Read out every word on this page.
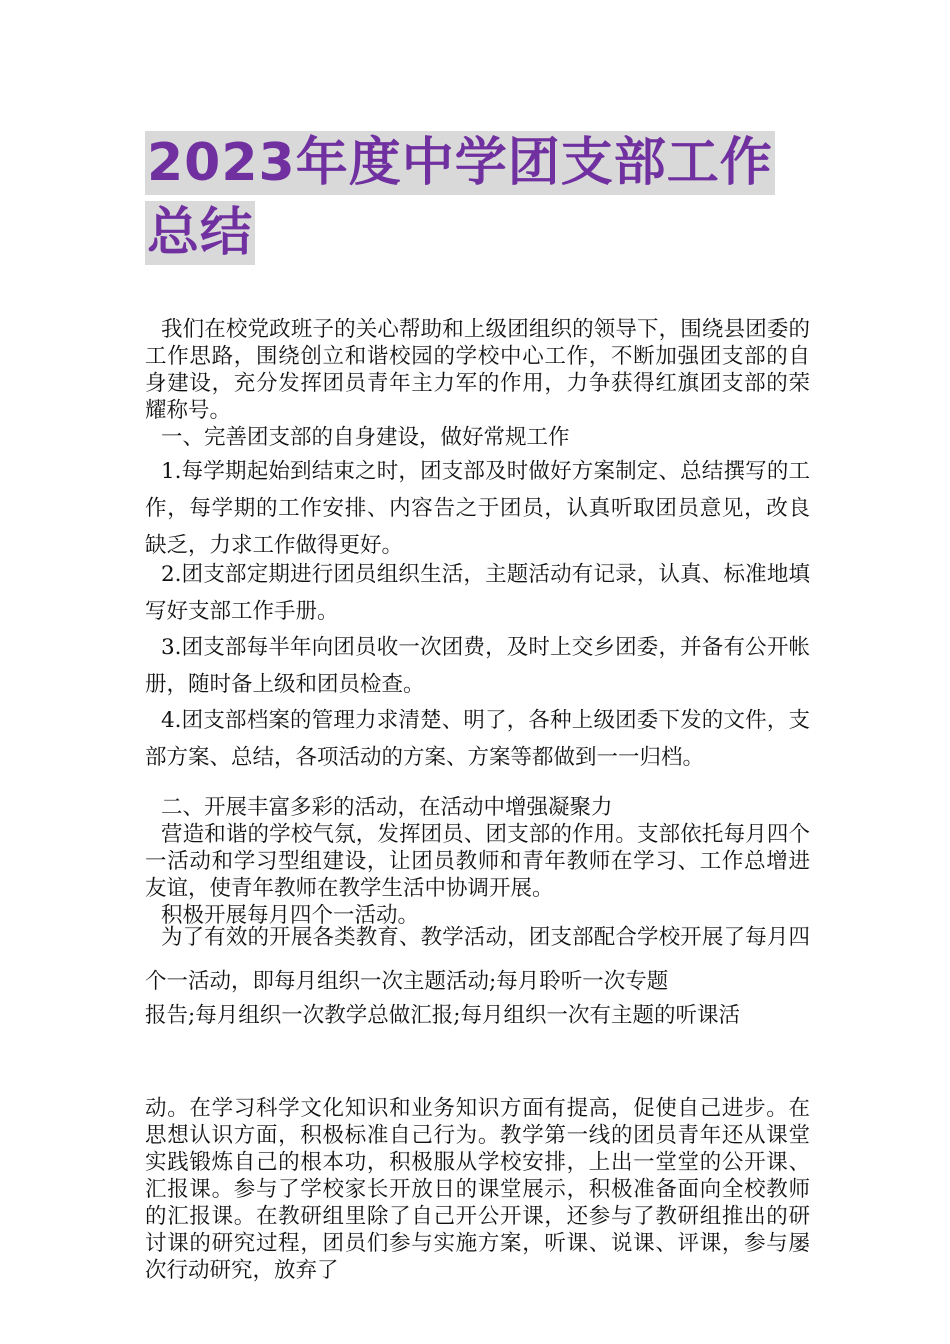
2023年度中学团支部工作
总结

我们在校党政班子的关心帮助和上级团组织的领导下，围绕县团委的工作思路，围绕创立和谐校园的学校中心工作，不断加强团支部的自身建设，充分发挥团员青年主力军的作用，力争获得红旗团支部的荣耀称号。

一、完善团支部的自身建设，做好常规工作

1.每学期起始到结束之时，团支部及时做好方案制定、总结撰写的工作，每学期的工作安排、内容告之于团员，认真听取团员意见，改良缺乏，力求工作做得更好。

2.团支部定期进行团员组织生活，主题活动有记录，认真、标准地填写好支部工作手册。

3.团支部每半年向团员收一次团费，及时上交乡团委，并备有公开帐册，随时备上级和团员检查。

4.团支部档案的管理力求清楚、明了，各种上级团委下发的文件，支部方案、总结，各项活动的方案、方案等都做到一一归档。

二、开展丰富多彩的活动，在活动中增强凝聚力

营造和谐的学校气氛，发挥团员、团支部的作用。支部依托每月四个一活动和学习型组建设，让团员教师和青年教师在学习、工作总增进友谊，使青年教师在教学生活中协调开展。

积极开展每月四个一活动。

为了有效的开展各类教育、教学活动，团支部配合学校开展了每月四个一活动，即每月组织一次主题活动;每月聆听一次专题

报告;每月组织一次教学总做汇报;每月组织一次有主题的听课活

动。在学习科学文化知识和业务知识方面有提高，促使自己进步。在思想认识方面，积极标准自己行为。教学第一线的团员青年还从课堂实践锻炼自己的根本功，积极服从学校安排，上出一堂堂的公开课、汇报课。参与了学校家长开放日的课堂展示，积极准备面向全校教师的汇报课。在教研组里除了自己开公开课，还参与了教研组推出的研讨课的研究过程，团员们参与实施方案，听课、说课、评课，参与屡次行动研究，放弃了
